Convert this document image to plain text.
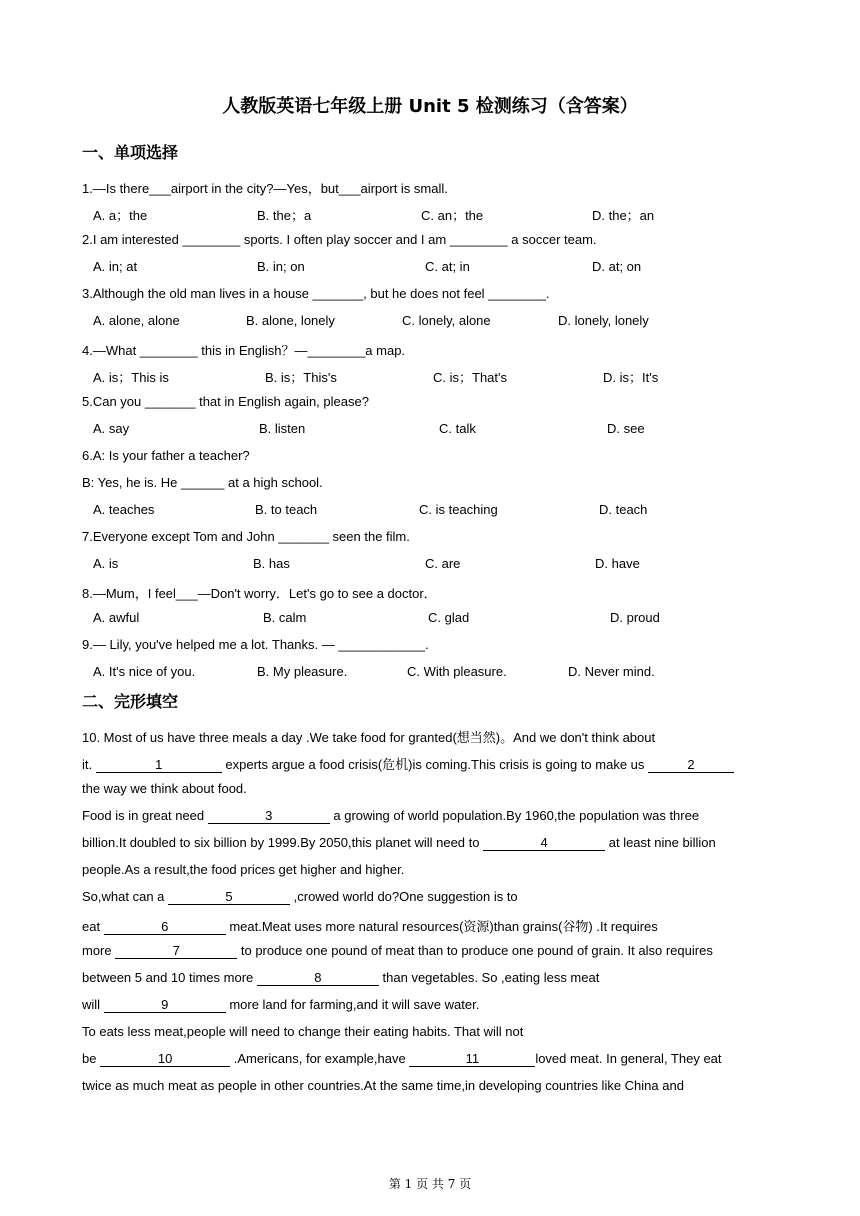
人教版英语七年级上册 Unit 5 检测练习（含答案）
一、单项选择
1.—Is there___airport in the city?—Yes，but___airport is small.
A. a；the	B. the；a	C. an；the	D. the；an
2.I am interested ________ sports. I often play soccer and I am ________ a soccer team.
A. in; at	B. in; on	C. at; in	D. at; on
3.Although the old man lives in a house _______, but he does not feel ________.
A. alone, alone	B. alone, lonely	C. lonely, alone	D. lonely, lonely
4.—What ________ this in English？—________a map.
A. is；This is	B. is；This's	C. is；That's	D. is；It's
5.Can you _______ that in English again, please?
A. say	B. listen	C. talk	D. see
6.A: Is your father a teacher?
B: Yes, he is. He ______ at a high school.
A. teaches	B. to teach	C. is teaching	D. teach
7.Everyone except Tom and John _______ seen the film.
A. is	B. has	C. are	D. have
8.—Mum，I feel___—Don't worry．Let's go to see a doctor．
A. awful	B. calm	C. glad	D. proud
9.— Lily, you've helped me a lot. Thanks. — ____________.
A. It's nice of you.	B. My pleasure.	C. With pleasure.	D. Never mind.
二、完形填空
10. Most of us have three meals a day .We take food for granted(想当然)。And we don't think about
it.	1	experts argue a food crisis(危机)is coming.This crisis is going to make us	2
the way we think about food.
Food is in great need	3	a growing of world population.By 1960,the population was three
billion.It doubled to six billion by 1999.By 2050,this planet will need to	4	at least nine billion
people.As a result,the food prices get higher and higher.
So,what can a	5	,crowed world do?One suggestion is to
eat	6	meat.Meat uses more natural resources(资源)than grains(谷物) .It requires
more	7	to produce one pound of meat than to produce one pound of grain. It also requires
between 5 and 10 times more	8	than vegetables. So ,eating less meat
will	9	more land for farming,and it will save water.
To eats less meat,people will need to change their eating habits. That will not
be	10	.Americans, for example,have	11	loved meat. In general, They eat
twice as much meat as people in other countries.At the same time,in developing countries like China and
第 1 页 共 7 页
